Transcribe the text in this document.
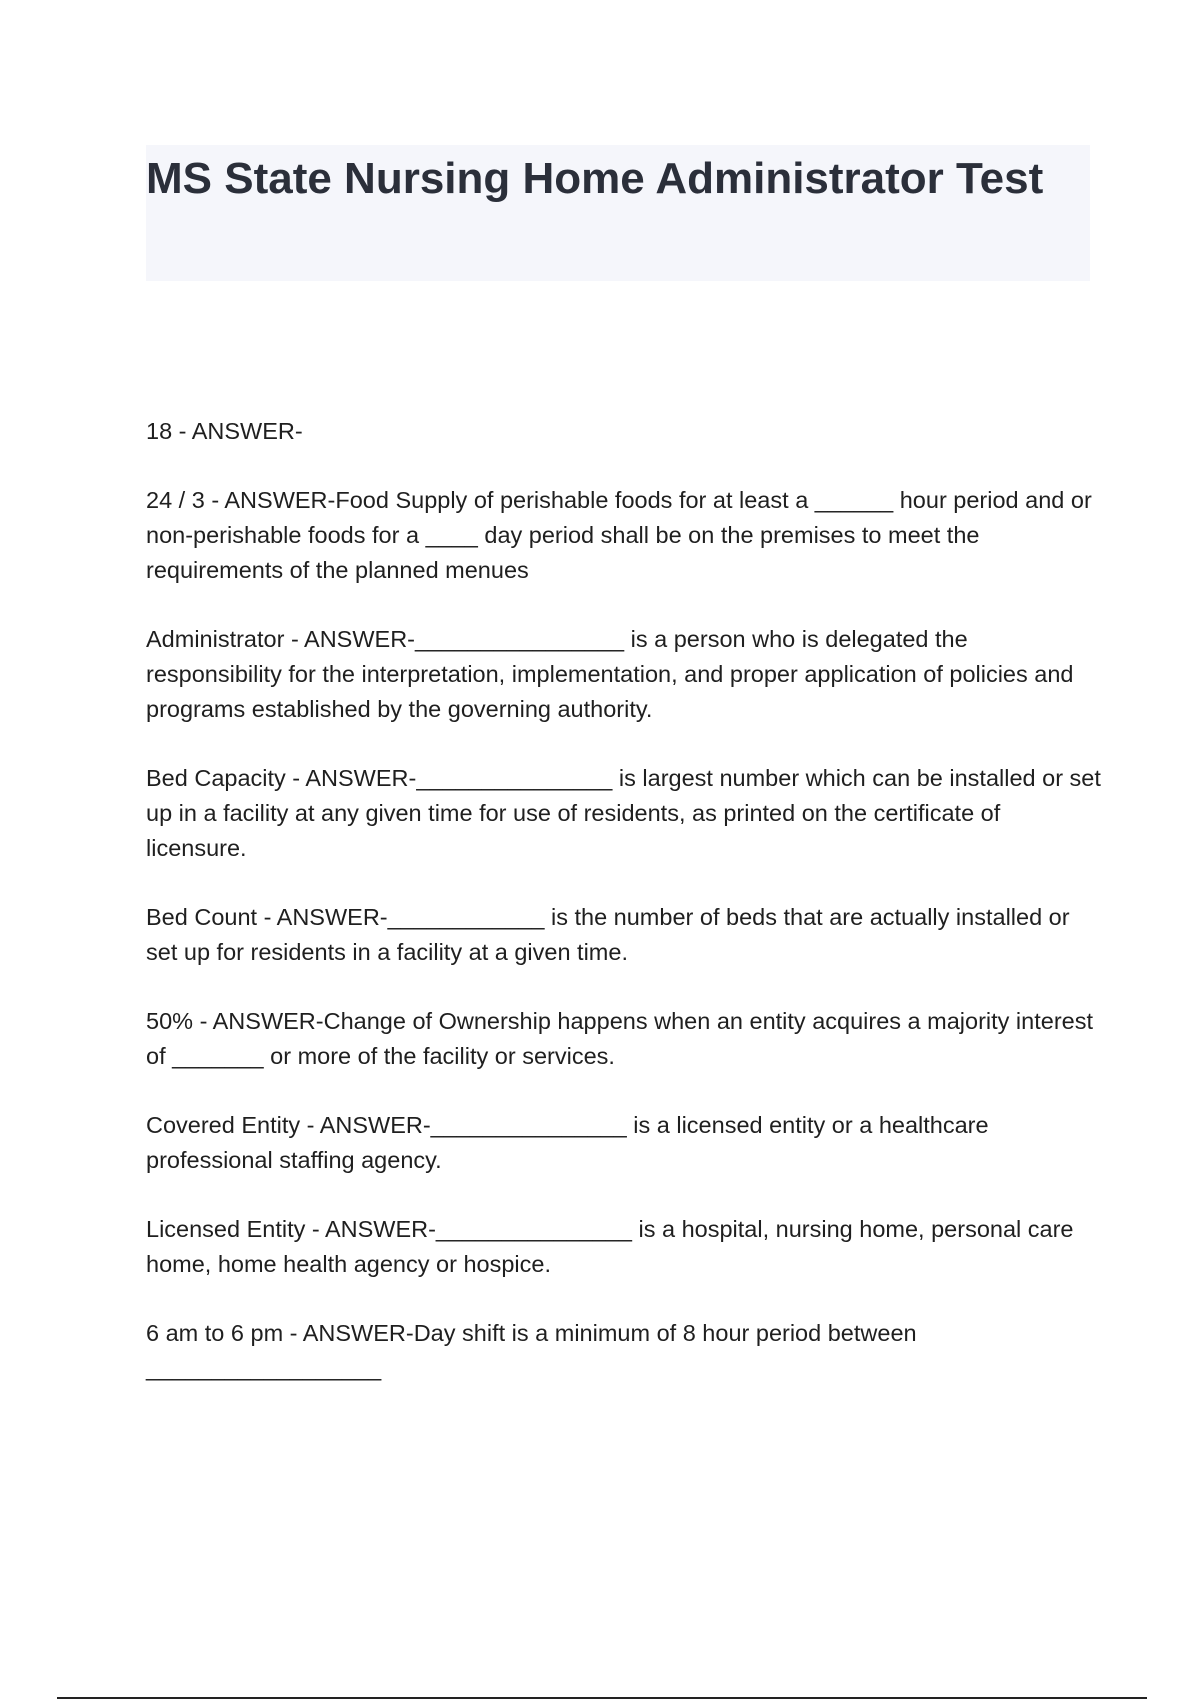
MS State Nursing Home Administrator Test

18 - ANSWER-

24 / 3 - ANSWER-Food Supply of perishable foods for at least a ______ hour period and or non-perishable foods for a ____ day period shall be on the premises to meet the requirements of the planned menues

Administrator - ANSWER-________________ is a person who is delegated the responsibility for the interpretation, implementation, and proper application of policies and programs established by the governing authority.

Bed Capacity - ANSWER-_______________ is largest number which can be installed or set up in a facility at any given time for use of residents, as printed on the certificate of licensure.

Bed Count - ANSWER-____________ is the number of beds that are actually installed or set up for residents in a facility at a given time.

50% - ANSWER-Change of Ownership happens when an entity acquires a majority interest of _______ or more of the facility or services.

Covered Entity - ANSWER-_______________ is a licensed entity or a healthcare professional staffing agency.

Licensed Entity - ANSWER-_______________ is a hospital, nursing home, personal care home, home health agency or hospice.

6 am to 6 pm - ANSWER-Day shift is a minimum of 8 hour period between __________________
